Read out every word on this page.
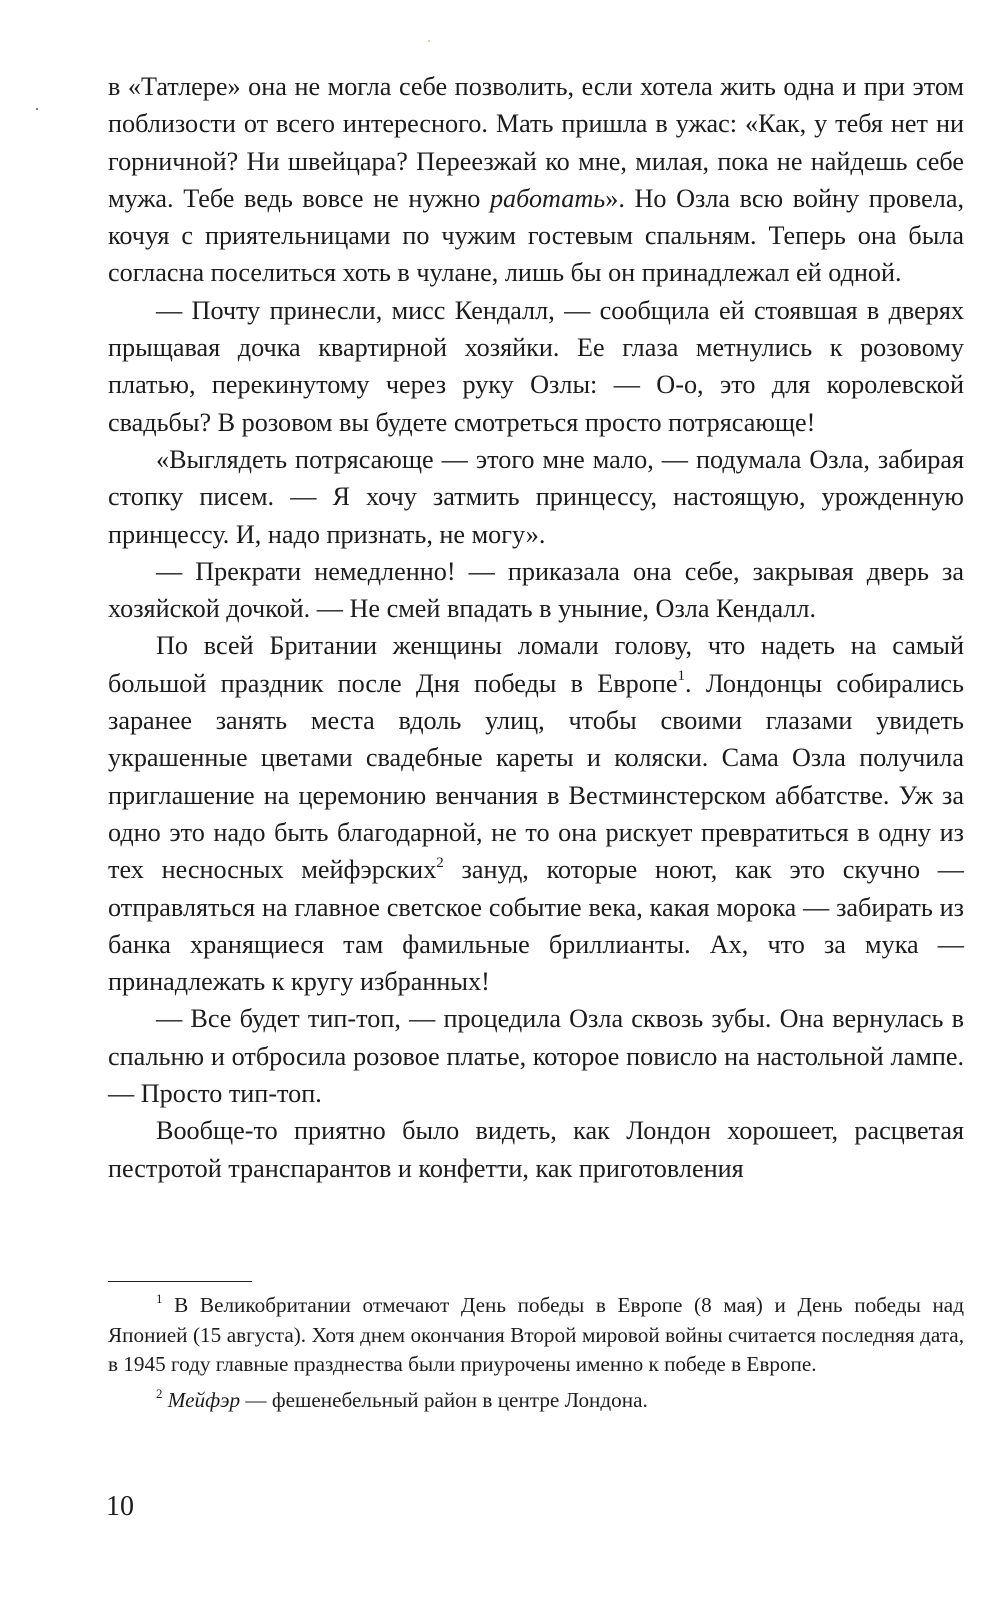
в «Татлере» она не могла себе позволить, если хотела жить одна и при этом поблизости от всего интересного. Мать пришла в ужас: «Как, у тебя нет ни горничной? Ни швейцара? Переезжай ко мне, милая, пока не найдешь себе мужа. Тебе ведь вовсе не нужно работать». Но Озла всю войну провела, кочуя с приятельницами по чужим гостевым спальням. Теперь она была согласна поселиться хоть в чулане, лишь бы он принадлежал ей одной.

— Почту принесли, мисс Кендалл, — сообщила ей стоявшая в дверях прыщавая дочка квартирной хозяйки. Ее глаза метнулись к розовому платью, перекинутому через руку Озлы: — О-о, это для королевской свадьбы? В розовом вы будете смотреться просто потрясающе!

«Выглядеть потрясающе — этого мне мало, — подумала Озла, забирая стопку писем. — Я хочу затмить принцессу, настоящую, урожденную принцессу. И, надо признать, не могу».

— Прекрати немедленно! — приказала она себе, закрывая дверь за хозяйской дочкой. — Не смей впадать в уныние, Озла Кендалл.

По всей Британии женщины ломали голову, что надеть на самый большой праздник после Дня победы в Европе$^1$. Лондонцы собирались заранее занять места вдоль улиц, чтобы своими глазами увидеть украшенные цветами свадебные кареты и коляски. Сама Озла получила приглашение на церемонию венчания в Вестминстерском аббатстве. Уж за одно это надо быть благодарной, не то она рискует превратиться в одну из тех несносных мейфэрских$^2$ зануд, которые ноют, как это скучно — отправляться на главное светское событие века, какая морока — забирать из банка хранящиеся там фамильные бриллианты. Ах, что за мука — принадлежать к кругу избранных!

— Все будет тип-топ, — процедила Озла сквозь зубы. Она вернулась в спальню и отбросила розовое платье, которое повисло на настольной лампе. — Просто тип-топ.

Вообще-то приятно было видеть, как Лондон хорошеет, расцветая пестротой транспарантов и конфетти, как приготовления

$^1$ В Великобритании отмечают День победы в Европе (8 мая) и День победы над Японией (15 августа). Хотя днем окончания Второй мировой войны считается последняя дата, в 1945 году главные празднества были приурочены именно к победе в Европе.

$^2$ Мейфэр — фешенебельный район в центре Лондона.

10
